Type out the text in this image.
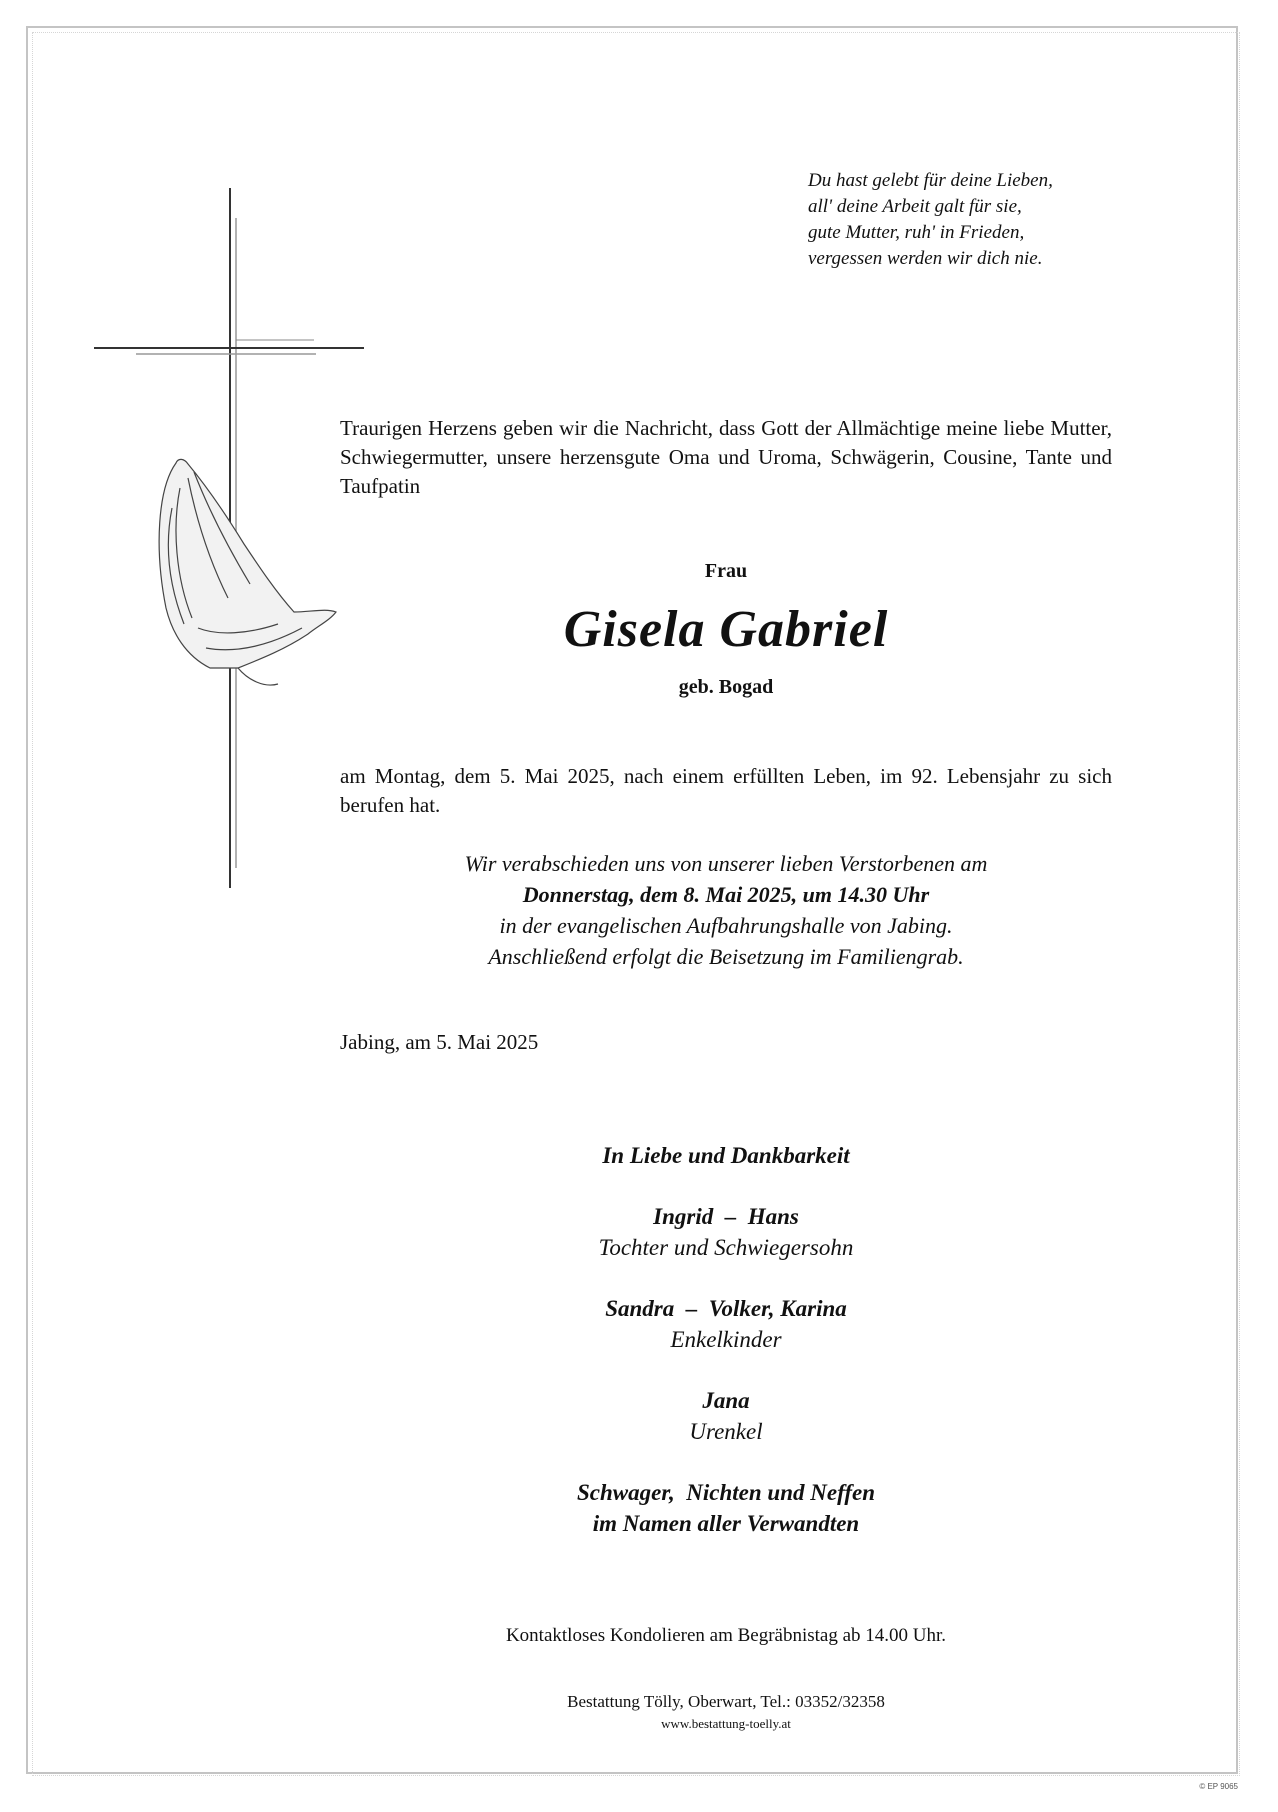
Du hast gelebt für deine Lieben,
all' deine Arbeit galt für sie,
gute Mutter, ruh' in Frieden,
vergessen werden wir dich nie.
Traurigen Herzens geben wir die Nachricht, dass Gott der Allmächtige meine liebe Mutter, Schwiegermutter, unsere herzensgute Oma und Uroma, Schwägerin, Cousine, Tante und Taufpatin
Frau
Gisela Gabriel
geb. Bogad
am Montag, dem 5. Mai 2025, nach einem erfüllten Leben, im 92. Lebensjahr zu sich berufen hat.
Wir verabschieden uns von unserer lieben Verstorbenen am
Donnerstag, dem 8. Mai 2025, um 14.30 Uhr
in der evangelischen Aufbahrungshalle von Jabing.
Anschließend erfolgt die Beisetzung im Familiengrab.
Jabing, am 5. Mai 2025
In Liebe und Dankbarkeit
Ingrid  –  Hans
Tochter und Schwiegersohn
Sandra  –  Volker, Karina
Enkelkinder
Jana
Urenkel
Schwager,  Nichten und Neffen
im Namen aller Verwandten
Kontaktloses Kondolieren am Begräbnistag ab 14.00 Uhr.
Bestattung Tölly, Oberwart, Tel.: 03352/32358
www.bestattung-toelly.at
© EP 9065
